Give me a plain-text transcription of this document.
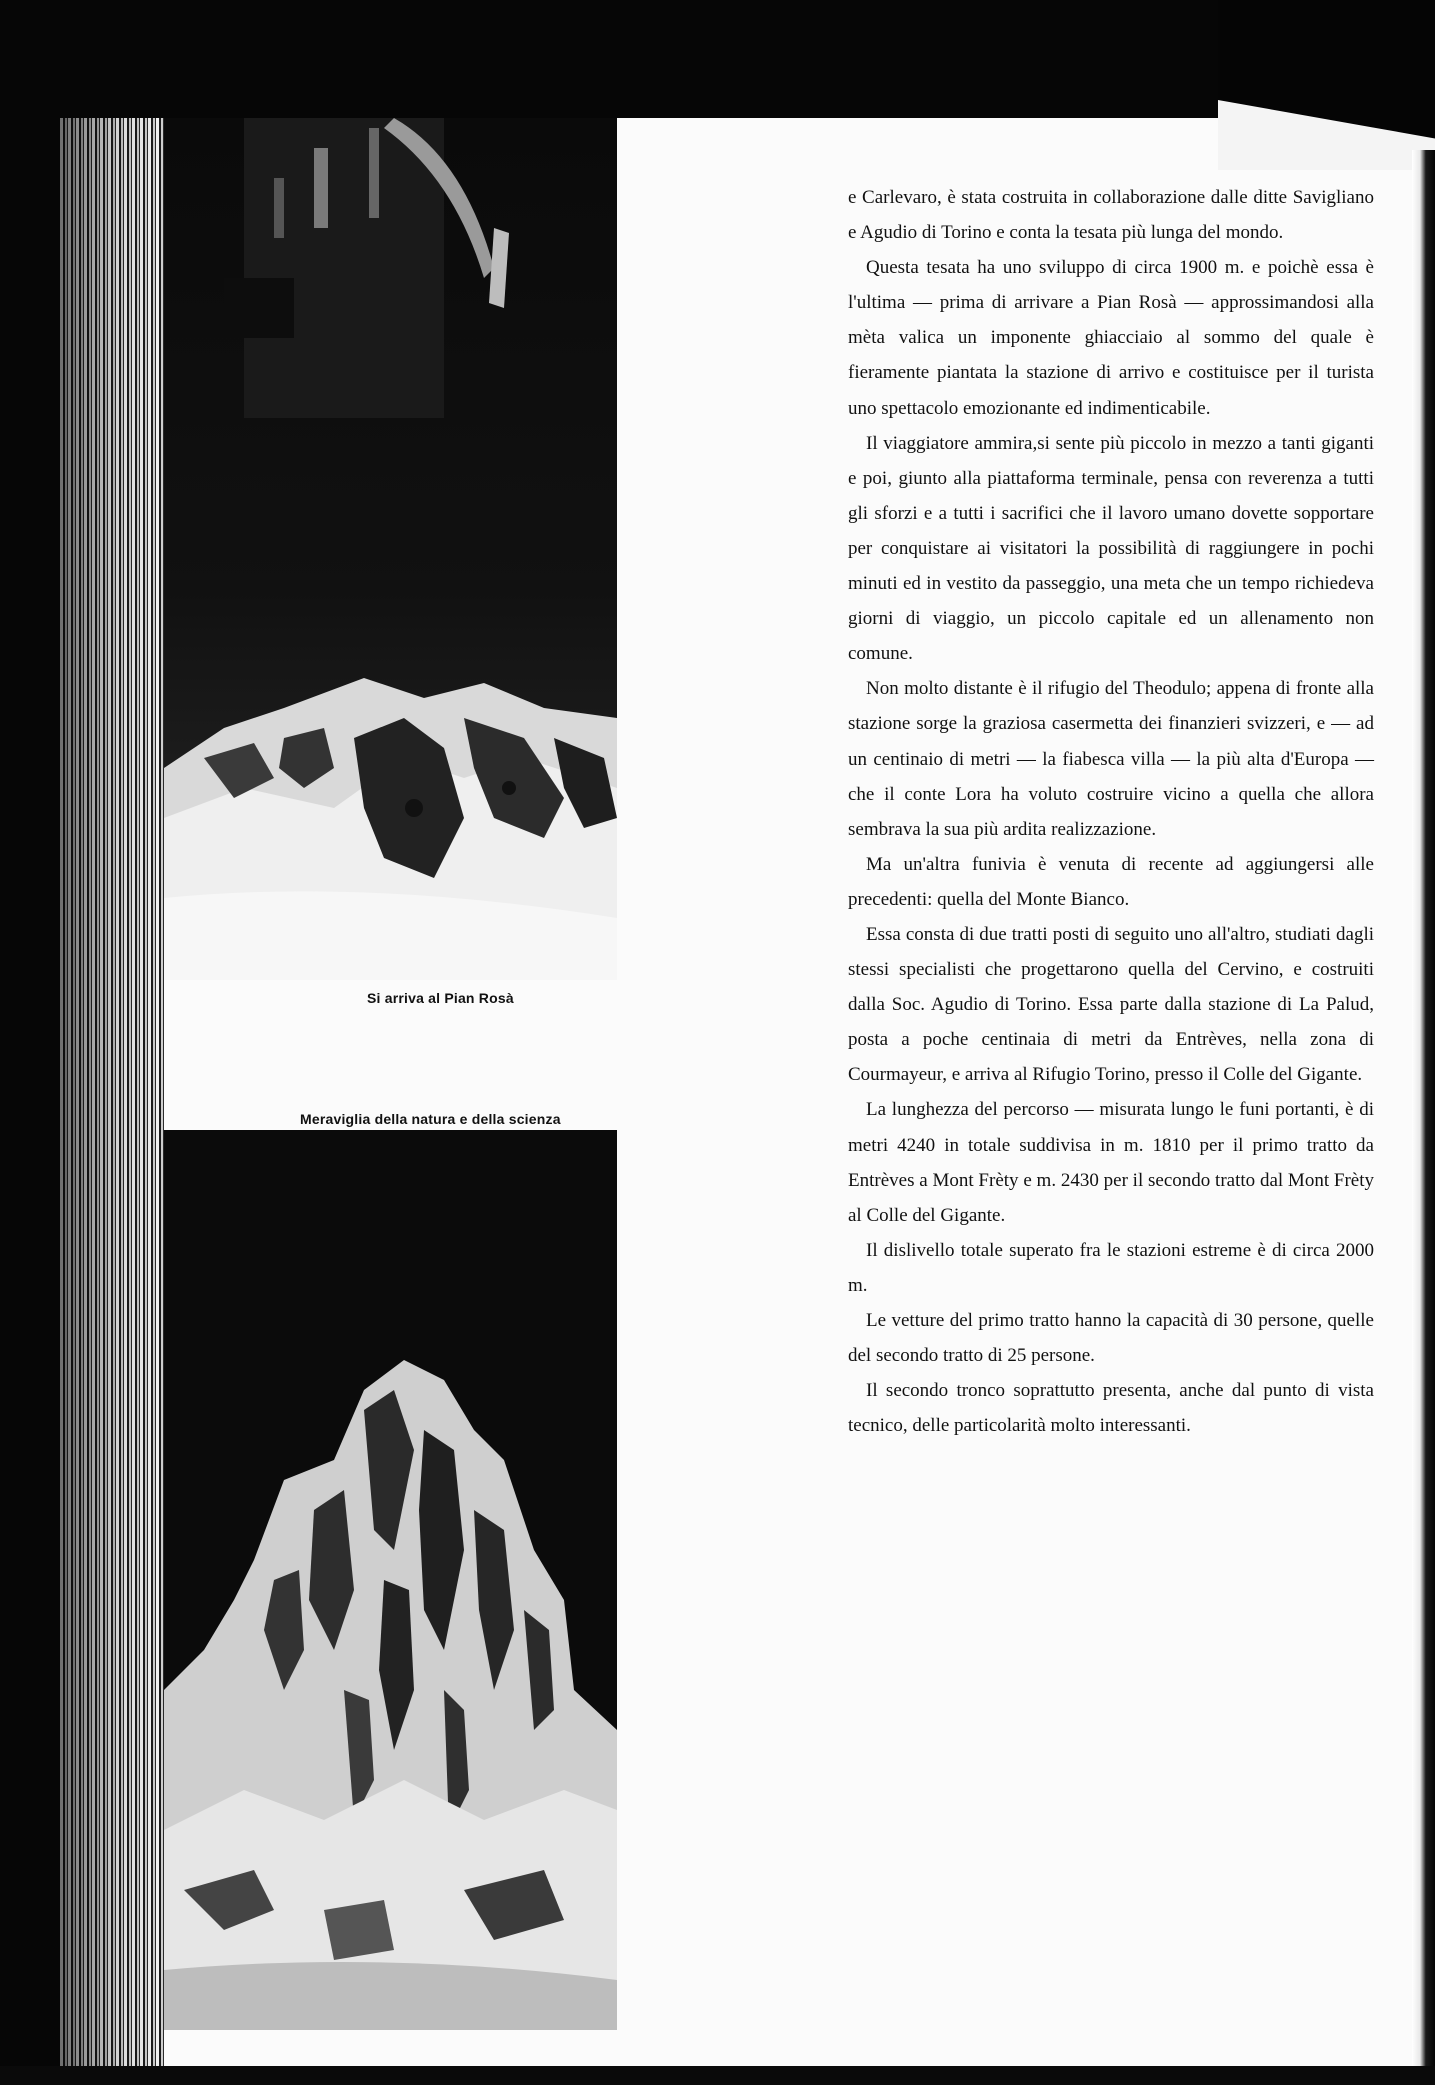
Si arriva al Pian Rosà
Meraviglia della natura e della scienza

e Carlevaro, è stata costruita in collaborazione dalle ditte Savigliano e Agudio di Torino e conta la tesata più lunga del mondo.

Questa tesata ha uno sviluppo di circa 1900 m. e poichè essa è l'ultima — prima di arrivare a Pian Rosà — approssimandosi alla mèta valica un imponente ghiacciaio al sommo del quale è fieramente piantata la stazione di arrivo e costituisce per il turista uno spettacolo emozionante ed indimenticabile.

Il viaggiatore ammira,si sente più piccolo in mezzo a tanti giganti e poi, giunto alla piattaforma terminale, pensa con reverenza a tutti gli sforzi e a tutti i sacrifici che il lavoro umano dovette sopportare per conquistare ai visitatori la possibilità di raggiungere in pochi minuti ed in vestito da passeggio, una meta che un tempo richiedeva giorni di viaggio, un piccolo capitale ed un allenamento non comune.

Non molto distante è il rifugio del Theodulo; appena di fronte alla stazione sorge la graziosa casermetta dei finanzieri svizzeri, e — ad un centinaio di metri — la fiabesca villa — la più alta d'Europa — che il conte Lora ha voluto costruire vicino a quella che allora sembrava la sua più ardita realizzazione.

Ma un'altra funivia è venuta di recente ad aggiungersi alle precedenti: quella del Monte Bianco.

Essa consta di due tratti posti di seguito uno all'altro, studiati dagli stessi specialisti che progettarono quella del Cervino, e costruiti dalla Soc. Agudio di Torino. Essa parte dalla stazione di La Palud, posta a poche centinaia di metri da Entrèves, nella zona di Courmayeur, e arriva al Rifugio Torino, presso il Colle del Gigante.

La lunghezza del percorso — misurata lungo le funi portanti, è di metri 4240 in totale suddivisa in m. 1810 per il primo tratto da Entrèves a Mont Frèty e m. 2430 per il secondo tratto dal Mont Frèty al Colle del Gigante.

Il dislivello totale superato fra le stazioni estreme è di circa 2000 m.

Le vetture del primo tratto hanno la capacità di 30 persone, quelle del secondo tratto di 25 persone.

Il secondo tronco soprattutto presenta, anche dal punto di vista tecnico, delle particolarità molto interessanti.
